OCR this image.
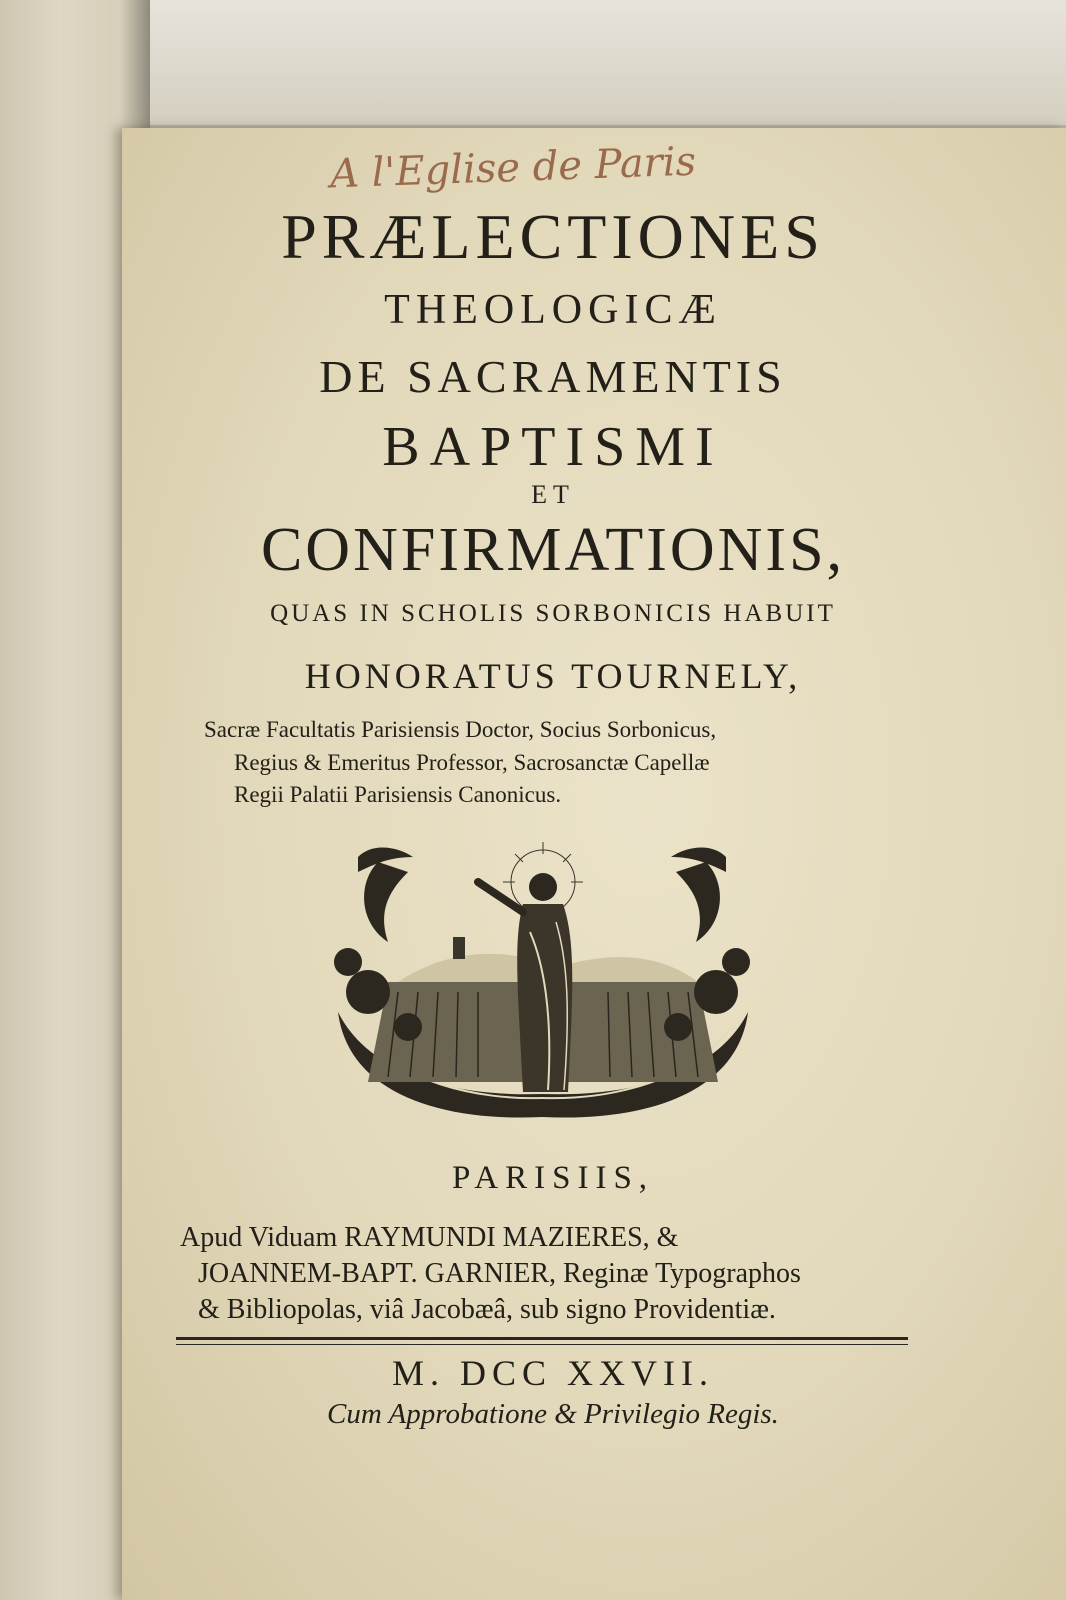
A l'Eglise de Paris
PRÆLECTIONES
THEOLOGICÆ
DE SACRAMENTIS
BAPTISMI
ET
CONFIRMATIONIS,
QUAS IN SCHOLIS SORBONICIS HABUIT
HONORATUS TOURNELY,
Sacræ Facultatis Parisiensis Doctor, Socius Sorbonicus,
Regius & Emeritus Professor, Sacrosanctæ Capellæ
Regii Palatii Parisiensis Canonicus.
PARISIIS,
Apud Viduam RAYMUNDI MAZIERES, &
JOANNEM-BAPT. GARNIER, Reginæ Typographos
& Bibliopolas, viâ Jacobæâ, sub signo Providentiæ.
M. DCC XXVII.
Cum Approbatione & Privilegio Regis.
